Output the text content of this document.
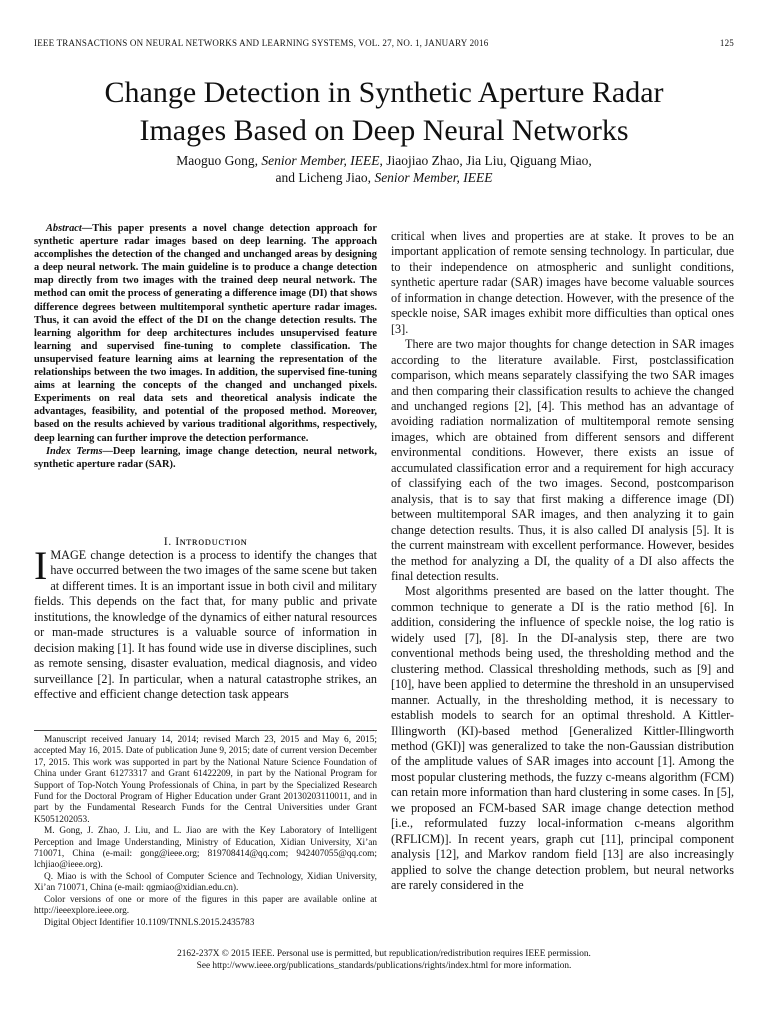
IEEE TRANSACTIONS ON NEURAL NETWORKS AND LEARNING SYSTEMS, VOL. 27, NO. 1, JANUARY 2016	125
Change Detection in Synthetic Aperture Radar
Images Based on Deep Neural Networks
Maoguo Gong, Senior Member, IEEE, Jiaojiao Zhao, Jia Liu, Qiguang Miao,
and Licheng Jiao, Senior Member, IEEE

Abstract—This paper presents a novel change detection approach for synthetic aperture radar images based on deep learning. The approach accomplishes the detection of the changed and unchanged areas by designing a deep neural network. The main guideline is to produce a change detection map directly from two images with the trained deep neural network. The method can omit the process of generating a difference image (DI) that shows difference degrees between multitemporal synthetic aperture radar images. Thus, it can avoid the effect of the DI on the change detection results. The learning algorithm for deep architectures includes unsupervised feature learning and supervised fine-tuning to complete classification. The unsupervised feature learning aims at learning the representation of the relationships between the two images. In addition, the supervised fine-tuning aims at learning the concepts of the changed and unchanged pixels. Experiments on real data sets and theoretical analysis indicate the advantages, feasibility, and potential of the proposed method. Moreover, based on the results achieved by various traditional algorithms, respectively, deep learning can further improve the detection performance.

Index Terms—Deep learning, image change detection, neural network, synthetic aperture radar (SAR).

I. Iɴᴛʀᴏᴅᴜᴄᴛɪᴏɴ

IMAGE change detection is a process to identify the changes that have occurred between the two images of the same scene but taken at different times. It is an important issue in both civil and military fields. This depends on the fact that, for many public and private institutions, the knowledge of the dynamics of either natural resources or man-made structures is a valuable source of information in decision making [1]. It has found wide use in diverse disciplines, such as remote sensing, disaster evaluation, medical diagnosis, and video surveillance [2]. In particular, when a natural catastrophe strikes, an effective and efficient change detection task appears

Manuscript received January 14, 2014; revised March 23, 2015 and May 6, 2015; accepted May 16, 2015. Date of publication June 9, 2015; date of current version December 17, 2015. This work was supported in part by the National Nature Science Foundation of China under Grant 61273317 and Grant 61422209, in part by the National Program for Support of Top-Notch Young Professionals of China, in part by the Specialized Research Fund for the Doctoral Program of Higher Education under Grant 20130203110011, and in part by the Fundamental Research Funds for the Central Universities under Grant K5051202053.

M. Gong, J. Zhao, J. Liu, and L. Jiao are with the Key Laboratory of Intelligent Perception and Image Understanding, Ministry of Education, Xidian University, Xi’an 710071, China (e-mail: gong@ieee.org; 819708414@qq.com; 942407055@qq.com; lchjiao@ieee.org).

Q. Miao is with the School of Computer Science and Technology, Xidian University, Xi’an 710071, China (e-mail: qgmiao@xidian.edu.cn).

Color versions of one or more of the figures in this paper are available online at http://ieeexplore.ieee.org.

Digital Object Identifier 10.1109/TNNLS.2015.2435783

critical when lives and properties are at stake. It proves to be an important application of remote sensing technology. In particular, due to their independence on atmospheric and sunlight conditions, synthetic aperture radar (SAR) images have become valuable sources of information in change detection. However, with the presence of the speckle noise, SAR images exhibit more difficulties than optical ones [3].

There are two major thoughts for change detection in SAR images according to the literature available. First, postclassification comparison, which means separately classifying the two SAR images and then comparing their classification results to achieve the changed and unchanged regions [2], [4]. This method has an advantage of avoiding radiation normalization of multitemporal remote sensing images, which are obtained from different sensors and different environmental conditions. However, there exists an issue of accumulated classification error and a requirement for high accuracy of classifying each of the two images. Second, postcomparison analysis, that is to say that first making a difference image (DI) between multitemporal SAR images, and then analyzing it to gain change detection results. Thus, it is also called DI analysis [5]. It is the current mainstream with excellent performance. However, besides the method for analyzing a DI, the quality of a DI also affects the final detection results.

Most algorithms presented are based on the latter thought. The common technique to generate a DI is the ratio method [6]. In addition, considering the influence of speckle noise, the log ratio is widely used [7], [8]. In the DI-analysis step, there are two conventional methods being used, the thresholding method and the clustering method. Classical thresholding methods, such as [9] and [10], have been applied to determine the threshold in an unsupervised manner. Actually, in the thresholding method, it is necessary to establish models to search for an optimal threshold. A Kittler-Illingworth (KI)-based method [Generalized Kittler-Illingworth method (GKI)] was generalized to take the non-Gaussian distribution of the amplitude values of SAR images into account [1]. Among the most popular clustering methods, the fuzzy c-means algorithm (FCM) can retain more information than hard clustering in some cases. In [5], we proposed an FCM-based SAR image change detection method [i.e., reformulated fuzzy local-information c-means algorithm (RFLICM)]. In recent years, graph cut [11], principal component analysis [12], and Markov random field [13] are also increasingly applied to solve the change detection problem, but neural networks are rarely considered in the

2162-237X © 2015 IEEE. Personal use is permitted, but republication/redistribution requires IEEE permission.
See http://www.ieee.org/publications_standards/publications/rights/index.html for more information.
